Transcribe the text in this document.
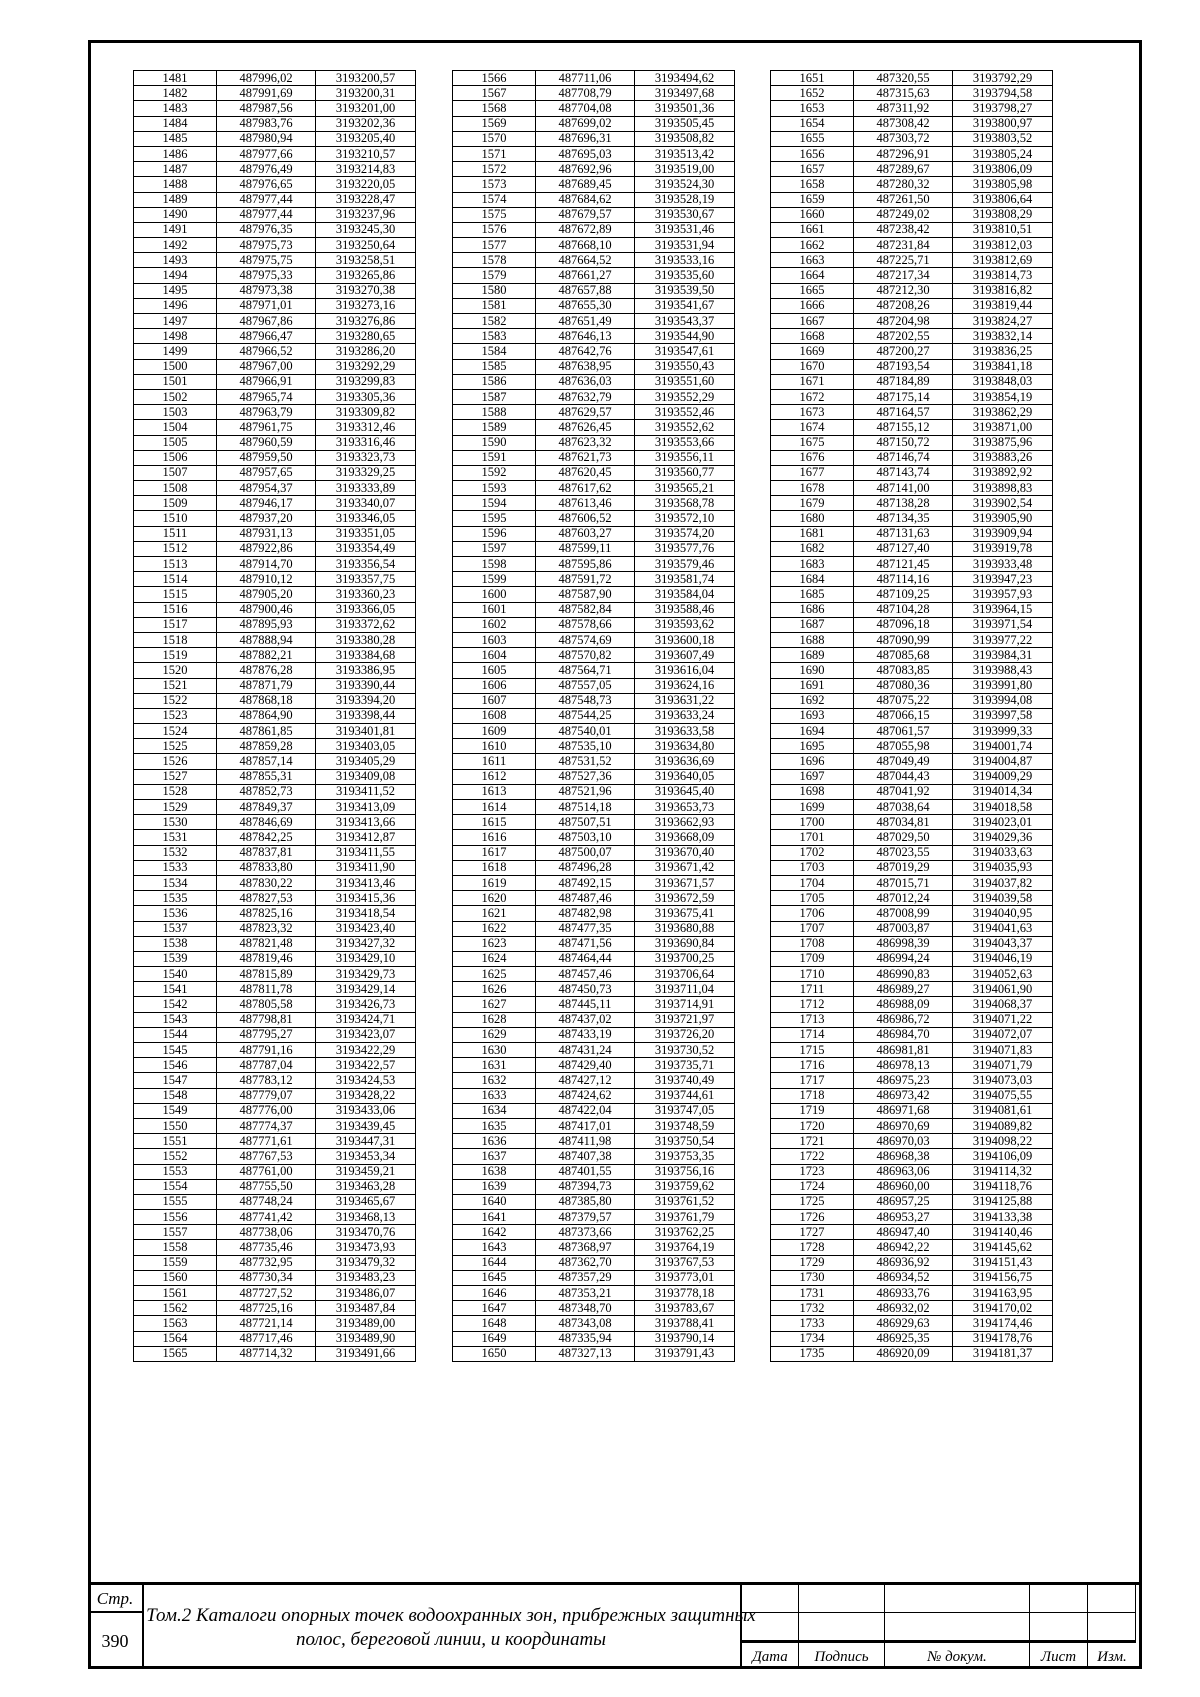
1481	487996,02	3193200,57
1482	487991,69	3193200,31
1483	487987,56	3193201,00
1484	487983,76	3193202,36
1485	487980,94	3193205,40
1486	487977,66	3193210,57
1487	487976,49	3193214,83
1488	487976,65	3193220,05
1489	487977,44	3193228,47
1490	487977,44	3193237,96
1491	487976,35	3193245,30
1492	487975,73	3193250,64
1493	487975,75	3193258,51
1494	487975,33	3193265,86
1495	487973,38	3193270,38
1496	487971,01	3193273,16
1497	487967,86	3193276,86
1498	487966,47	3193280,65
1499	487966,52	3193286,20
1500	487967,00	3193292,29
1501	487966,91	3193299,83
1502	487965,74	3193305,36
1503	487963,79	3193309,82
1504	487961,75	3193312,46
1505	487960,59	3193316,46
1506	487959,50	3193323,73
1507	487957,65	3193329,25
1508	487954,37	3193333,89
1509	487946,17	3193340,07
1510	487937,20	3193346,05
1511	487931,13	3193351,05
1512	487922,86	3193354,49
1513	487914,70	3193356,54
1514	487910,12	3193357,75
1515	487905,20	3193360,23
1516	487900,46	3193366,05
1517	487895,93	3193372,62
1518	487888,94	3193380,28
1519	487882,21	3193384,68
1520	487876,28	3193386,95
1521	487871,79	3193390,44
1522	487868,18	3193394,20
1523	487864,90	3193398,44
1524	487861,85	3193401,81
1525	487859,28	3193403,05
1526	487857,14	3193405,29
1527	487855,31	3193409,08
1528	487852,73	3193411,52
1529	487849,37	3193413,09
1530	487846,69	3193413,66
1531	487842,25	3193412,87
1532	487837,81	3193411,55
1533	487833,80	3193411,90
1534	487830,22	3193413,46
1535	487827,53	3193415,36
1536	487825,16	3193418,54
1537	487823,32	3193423,40
1538	487821,48	3193427,32
1539	487819,46	3193429,10
1540	487815,89	3193429,73
1541	487811,78	3193429,14
1542	487805,58	3193426,73
1543	487798,81	3193424,71
1544	487795,27	3193423,07
1545	487791,16	3193422,29
1546	487787,04	3193422,57
1547	487783,12	3193424,53
1548	487779,07	3193428,22
1549	487776,00	3193433,06
1550	487774,37	3193439,45
1551	487771,61	3193447,31
1552	487767,53	3193453,34
1553	487761,00	3193459,21
1554	487755,50	3193463,28
1555	487748,24	3193465,67
1556	487741,42	3193468,13
1557	487738,06	3193470,76
1558	487735,46	3193473,93
1559	487732,95	3193479,32
1560	487730,34	3193483,23
1561	487727,52	3193486,07
1562	487725,16	3193487,84
1563	487721,14	3193489,00
1564	487717,46	3193489,90
1565	487714,32	3193491,66
1566	487711,06	3193494,62
1567	487708,79	3193497,68
1568	487704,08	3193501,36
1569	487699,02	3193505,45
1570	487696,31	3193508,82
1571	487695,03	3193513,42
1572	487692,96	3193519,00
1573	487689,45	3193524,30
1574	487684,62	3193528,19
1575	487679,57	3193530,67
1576	487672,89	3193531,46
1577	487668,10	3193531,94
1578	487664,52	3193533,16
1579	487661,27	3193535,60
1580	487657,88	3193539,50
1581	487655,30	3193541,67
1582	487651,49	3193543,37
1583	487646,13	3193544,90
1584	487642,76	3193547,61
1585	487638,95	3193550,43
1586	487636,03	3193551,60
1587	487632,79	3193552,29
1588	487629,57	3193552,46
1589	487626,45	3193552,62
1590	487623,32	3193553,66
1591	487621,73	3193556,11
1592	487620,45	3193560,77
1593	487617,62	3193565,21
1594	487613,46	3193568,78
1595	487606,52	3193572,10
1596	487603,27	3193574,20
1597	487599,11	3193577,76
1598	487595,86	3193579,46
1599	487591,72	3193581,74
1600	487587,90	3193584,04
1601	487582,84	3193588,46
1602	487578,66	3193593,62
1603	487574,69	3193600,18
1604	487570,82	3193607,49
1605	487564,71	3193616,04
1606	487557,05	3193624,16
1607	487548,73	3193631,22
1608	487544,25	3193633,24
1609	487540,01	3193633,58
1610	487535,10	3193634,80
1611	487531,52	3193636,69
1612	487527,36	3193640,05
1613	487521,96	3193645,40
1614	487514,18	3193653,73
1615	487507,51	3193662,93
1616	487503,10	3193668,09
1617	487500,07	3193670,40
1618	487496,28	3193671,42
1619	487492,15	3193671,57
1620	487487,46	3193672,59
1621	487482,98	3193675,41
1622	487477,35	3193680,88
1623	487471,56	3193690,84
1624	487464,44	3193700,25
1625	487457,46	3193706,64
1626	487450,73	3193711,04
1627	487445,11	3193714,91
1628	487437,02	3193721,97
1629	487433,19	3193726,20
1630	487431,24	3193730,52
1631	487429,40	3193735,71
1632	487427,12	3193740,49
1633	487424,62	3193744,61
1634	487422,04	3193747,05
1635	487417,01	3193748,59
1636	487411,98	3193750,54
1637	487407,38	3193753,35
1638	487401,55	3193756,16
1639	487394,73	3193759,62
1640	487385,80	3193761,52
1641	487379,57	3193761,79
1642	487373,66	3193762,25
1643	487368,97	3193764,19
1644	487362,70	3193767,53
1645	487357,29	3193773,01
1646	487353,21	3193778,18
1647	487348,70	3193783,67
1648	487343,08	3193788,41
1649	487335,94	3193790,14
1650	487327,13	3193791,43
1651	487320,55	3193792,29
1652	487315,63	3193794,58
1653	487311,92	3193798,27
1654	487308,42	3193800,97
1655	487303,72	3193803,52
1656	487296,91	3193805,24
1657	487289,67	3193806,09
1658	487280,32	3193805,98
1659	487261,50	3193806,64
1660	487249,02	3193808,29
1661	487238,42	3193810,51
1662	487231,84	3193812,03
1663	487225,71	3193812,69
1664	487217,34	3193814,73
1665	487212,30	3193816,82
1666	487208,26	3193819,44
1667	487204,98	3193824,27
1668	487202,55	3193832,14
1669	487200,27	3193836,25
1670	487193,54	3193841,18
1671	487184,89	3193848,03
1672	487175,14	3193854,19
1673	487164,57	3193862,29
1674	487155,12	3193871,00
1675	487150,72	3193875,96
1676	487146,74	3193883,26
1677	487143,74	3193892,92
1678	487141,00	3193898,83
1679	487138,28	3193902,54
1680	487134,35	3193905,90
1681	487131,63	3193909,94
1682	487127,40	3193919,78
1683	487121,45	3193933,48
1684	487114,16	3193947,23
1685	487109,25	3193957,93
1686	487104,28	3193964,15
1687	487096,18	3193971,54
1688	487090,99	3193977,22
1689	487085,68	3193984,31
1690	487083,85	3193988,43
1691	487080,36	3193991,80
1692	487075,22	3193994,08
1693	487066,15	3193997,58
1694	487061,57	3193999,33
1695	487055,98	3194001,74
1696	487049,49	3194004,87
1697	487044,43	3194009,29
1698	487041,92	3194014,34
1699	487038,64	3194018,58
1700	487034,81	3194023,01
1701	487029,50	3194029,36
1702	487023,55	3194033,63
1703	487019,29	3194035,93
1704	487015,71	3194037,82
1705	487012,24	3194039,58
1706	487008,99	3194040,95
1707	487003,87	3194041,63
1708	486998,39	3194043,37
1709	486994,24	3194046,19
1710	486990,83	3194052,63
1711	486989,27	3194061,90
1712	486988,09	3194068,37
1713	486986,72	3194071,22
1714	486984,70	3194072,07
1715	486981,81	3194071,83
1716	486978,13	3194071,79
1717	486975,23	3194073,03
1718	486973,42	3194075,55
1719	486971,68	3194081,61
1720	486970,69	3194089,82
1721	486970,03	3194098,22
1722	486968,38	3194106,09
1723	486963,06	3194114,32
1724	486960,00	3194118,76
1725	486957,25	3194125,88
1726	486953,27	3194133,38
1727	486947,40	3194140,46
1728	486942,22	3194145,62
1729	486936,92	3194151,43
1730	486934,52	3194156,75
1731	486933,76	3194163,95
1732	486932,02	3194170,02
1733	486929,63	3194174,46
1734	486925,35	3194178,76
1735	486920,09	3194181,37
Стр.
390
Том.2 Каталоги опорных точек водоохранных зон, прибрежных защитных полос, береговой линии, и координаты
Дата	Подпись	№ докум.	Лист	Изм.
